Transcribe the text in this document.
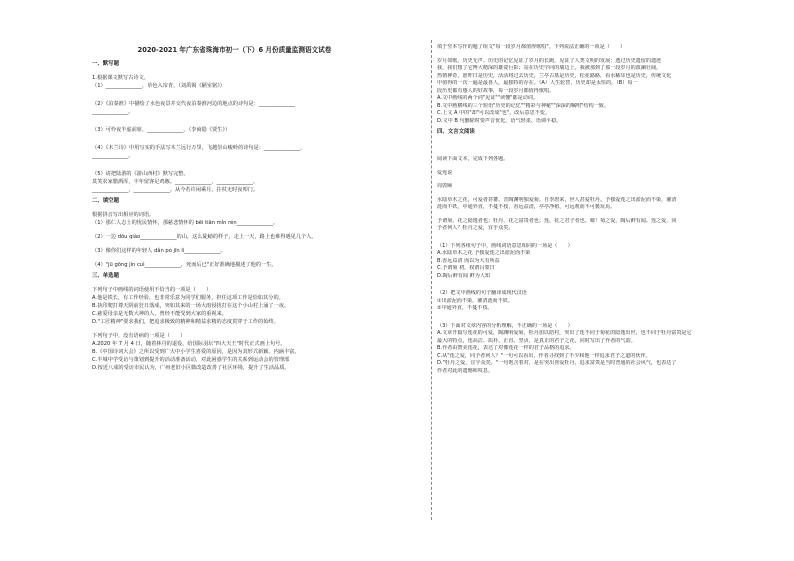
2020-2021 年广东省珠海市初一（下）6 月份质量监测语文试卷
一、默写题
1.根据课文默写古诗文。
（1）______________，草色入帘青。（刘禹锡《陋室铭》）
（2）《泊秦淮》中描绘了水色夜景并交代夜泊秦淮河边的地点的诗句是：______________
______________。
（3）可怜夜半虚前席，______________。（李商隐《贾生》）
（4）《木兰诗》中用写实的手法写木兰远行万里，飞越崇山峻岭的诗句是：______________，
______________。
（5）请把陆游的《游山西村》默写完整。
莫笑农家腊酒浑，丰年留客足鸡豚。______________，______________。
______________，______________。从今若许闲乘月，拄杖无时夜叩门。
二、填空题
根据拼音写出相应的词语。
（1）那仁人志士的忧民情怀，那慈悲情怀的 bēi tiān mǐn rén______________。
（2）一边 dōu qiào______________的山，这么陡峭的样子，走上一天，路上也难得遇见几个人。
（3）像你们这样的年轻人 dǎn pò jīn lì______________。
（4）"jū gōng jìn cuì______________，死而后已"正好准确地描述了他的一生。
三、单选题
下列句子中画线的词语使用不恰当的一项是（　　）
A.他是铁长，有工作经验，也非常乐意为同学们服务，担任这项工作是恰如其分的。
B.执印爬打尊天阴前狂日落成，突如其来的一场大雨侵扰打在这个小山村上涌了一夜。
C.慈爱母亲是无数大神的人，曾经不能受到大家的重视来。
D."工匠精神"要求我们，把追求极致的精神和精益求精的态度贯穿于工作的始终。
下列句子中，没有语病的一项是（　　）
A.2020 年 7 月 4 日，随着林丹的退役，给国际羽坛"四大天王"时代正式画上句号。
B.《中国诗词大会》之所以受到广大中小学生喜爱的原因，是因为其形式新颖、内涵丰富。
C.半城中学受访与策划到提升的活动准备活动，对此困惑学生的关系到运动会的管理部
D.按近八成的受访市民认为，广州老旧小区微改造改善了社区环境，提升了生活品质。
填于竖本写作的题了组文"每一段岁月都值得歌唱"。下列说法正确的一项是（　　）
岁月如歌，历史无声。历史的记忆见证了岁月的长跑，见证了人类文明的发展：透过历史遗留的遗迹
我，我们想了它博大精深的雄姿巨影；站在历史学问的墙边上，我被那到了那一段岁月的波澜壮阔，
热情神奇，愿昨日是历史，活活将过去历史，兰亭古墓是历史，松花路路，看水稀耳也是历史，传统文化
中值得的一次一遍是最喜人，最独特的存在。（A）人生轮替，历史却是永恒的。（B）每一
段历史都有感人的好故事，每一段岁月都值得歌唱。
A.文中画线的两个词"见证""读懂"都是动词。
B.文中画横线的三个短语"历史的记忆""精彩与神秘""深深的嘱咐"结构一致。
C.上文 A 中的"却"可以改成"也"，改后意思不变。
D.文中 B 句删除时要声音优化，语气轻柔、语调平稳。
四、文言文阅读
阅读下面文本，完成下列各题。
爱莲说
周敦颐
水陆草木之花，可爱者甚蕃。晋陶渊明独爱菊。自李唐来，世人甚爱牡丹。予独爱莲之出淤泥而不染，濯清
涟而不妖，中通外直，不蔓不枝，香远益清，亭亭净植，可远观而不可亵玩焉。
予谓菊，花之隐逸者也；牡丹，花之富贵者也；莲，花之君子者也。噫！菊之爱，陶后鲜有闻。莲之爱，同
予者何人？牡丹之爱，宜乎众矣。
（1）下列各组句子中，画线词语意思相同的一项是（　　）
A.水陆草木之花 予独爱莲之出淤泥而不染
B.香远益清 而以为大有所益
C.予谓菊 初，权谓吕蒙曰
D.陶后鲜有闻 鲜为人知
（2）把文中画线的句子翻译成现代汉语
①出淤泥而不染，濯清涟而不妖。
②中通外直，不蔓不枝。
（3）下面对文章内容的分析理解，不正确的一项是（　　）
A.文章开篇写莲花的可爱，陶渊明爱菊，牡丹加以陪衬，突出了莲不同于菊花的隐逸出世，也不同于牡丹富贵是它
最大的特点，莲高洁、质朴、正直、坚贞，是真正的君子之花，同时写出了作者的气韵。
B.作者由赞美莲花，表达了对像莲花一样的君子品格的追求。
C.从"莲之爱，同予者何人？"一句可以看出，作者寻找到了不少和他一样追求君子之道的伙伴。
D."牡丹之爱，宜乎众矣。"一句饱含着对，是在突出喜爱牡丹，追求富贵是当时普通的社会风气，也表达了
作者对此的遗憾和叹息。
